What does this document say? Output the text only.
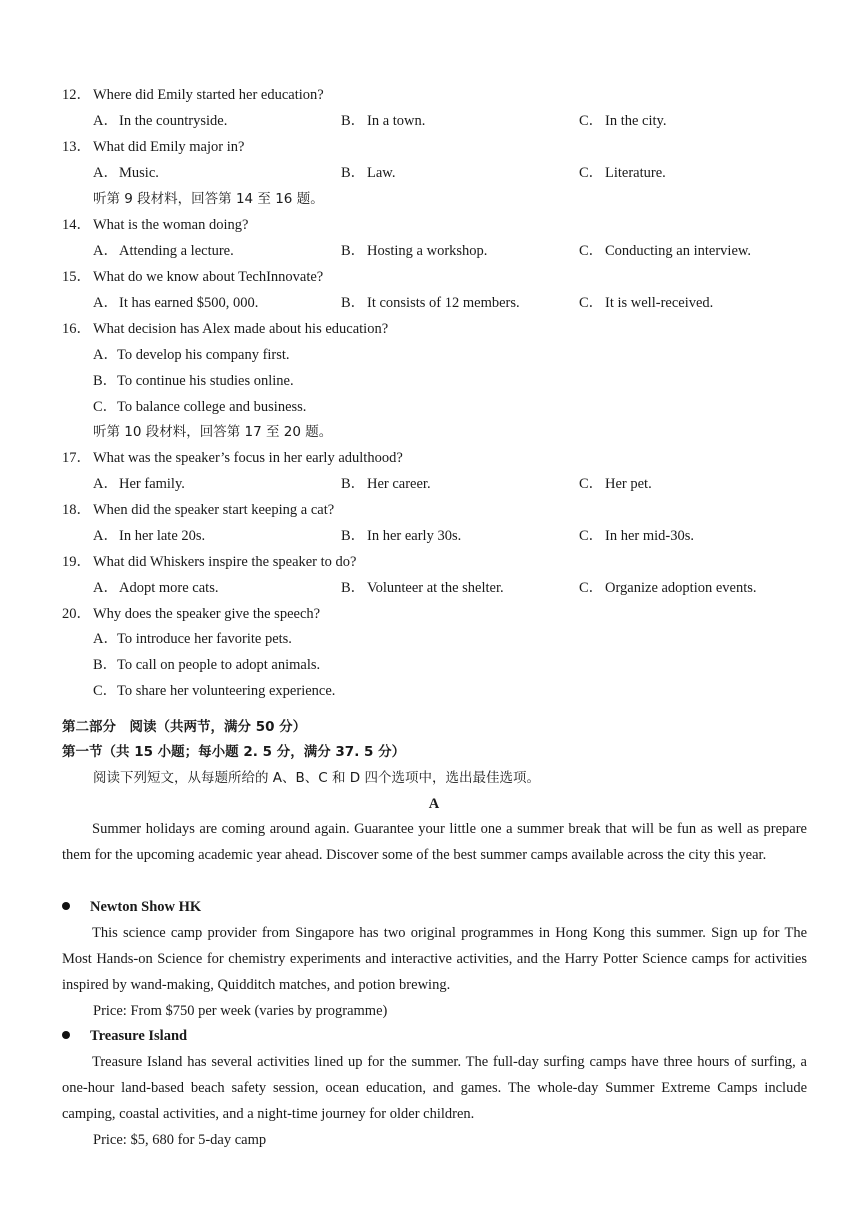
12． Where did Emily started her education?
A．In the countryside.	B． In a town.	C． In the city.
13． What did Emily major in?
A．Music.	B． Law.	C． Literature.
听第 9 段材料，回答第 14 至 16 题。
14． What is the woman doing?
A．Attending a lecture.	B． Hosting a workshop.	C． Conducting an interview.
15． What do we know about TechInnovate?
A．It has earned $500, 000.	B． It consists of 12 members.	C． It is well-received.
16． What decision has Alex made about his education?
A．To develop his company first.
B．To continue his studies online.
C．To balance college and business.
听第 10 段材料，回答第 17 至 20 题。
17． What was the speaker’s focus in her early adulthood?
A．Her family.	B． Her career.	C． Her pet.
18． When did the speaker start keeping a cat?
A．In her late 20s.	B． In her early 30s.	C． In her mid-30s.
19． What did Whiskers inspire the speaker to do?
A．Adopt more cats.	B． Volunteer at the shelter.	C． Organize adoption events.
20． Why does the speaker give the speech?
A．To introduce her favorite pets.
B．To call on people to adopt animals.
C．To share her volunteering experience.
第二部分　阅读（共两节，满分 50 分）
第一节（共 15 小题；每小题 2. 5 分，满分 37. 5 分）
阅读下列短文，从每题所给的 A、B、C 和 D 四个选项中，选出最佳选项。
A

Summer holidays are coming around again. Guarantee your little one a summer break that will be fun as well as prepare them for the upcoming academic year ahead. Discover some of the best summer camps available across the city this year.

Newton Show HK

This science camp provider from Singapore has two original programmes in Hong Kong this summer. Sign up for The Most Hands-on Science for chemistry experiments and interactive activities, and the Harry Potter Science camps for activities inspired by wand-making, Quidditch matches, and potion brewing.

Price: From $750 per week (varies by programme)
Treasure Island

Treasure Island has several activities lined up for the summer. The full-day surfing camps have three hours of surfing, a one-hour land-based beach safety session, ocean education, and games. The whole-day Summer Extreme Camps include camping, coastal activities, and a night-time journey for older children.

Price: $5, 680 for 5-day camp
